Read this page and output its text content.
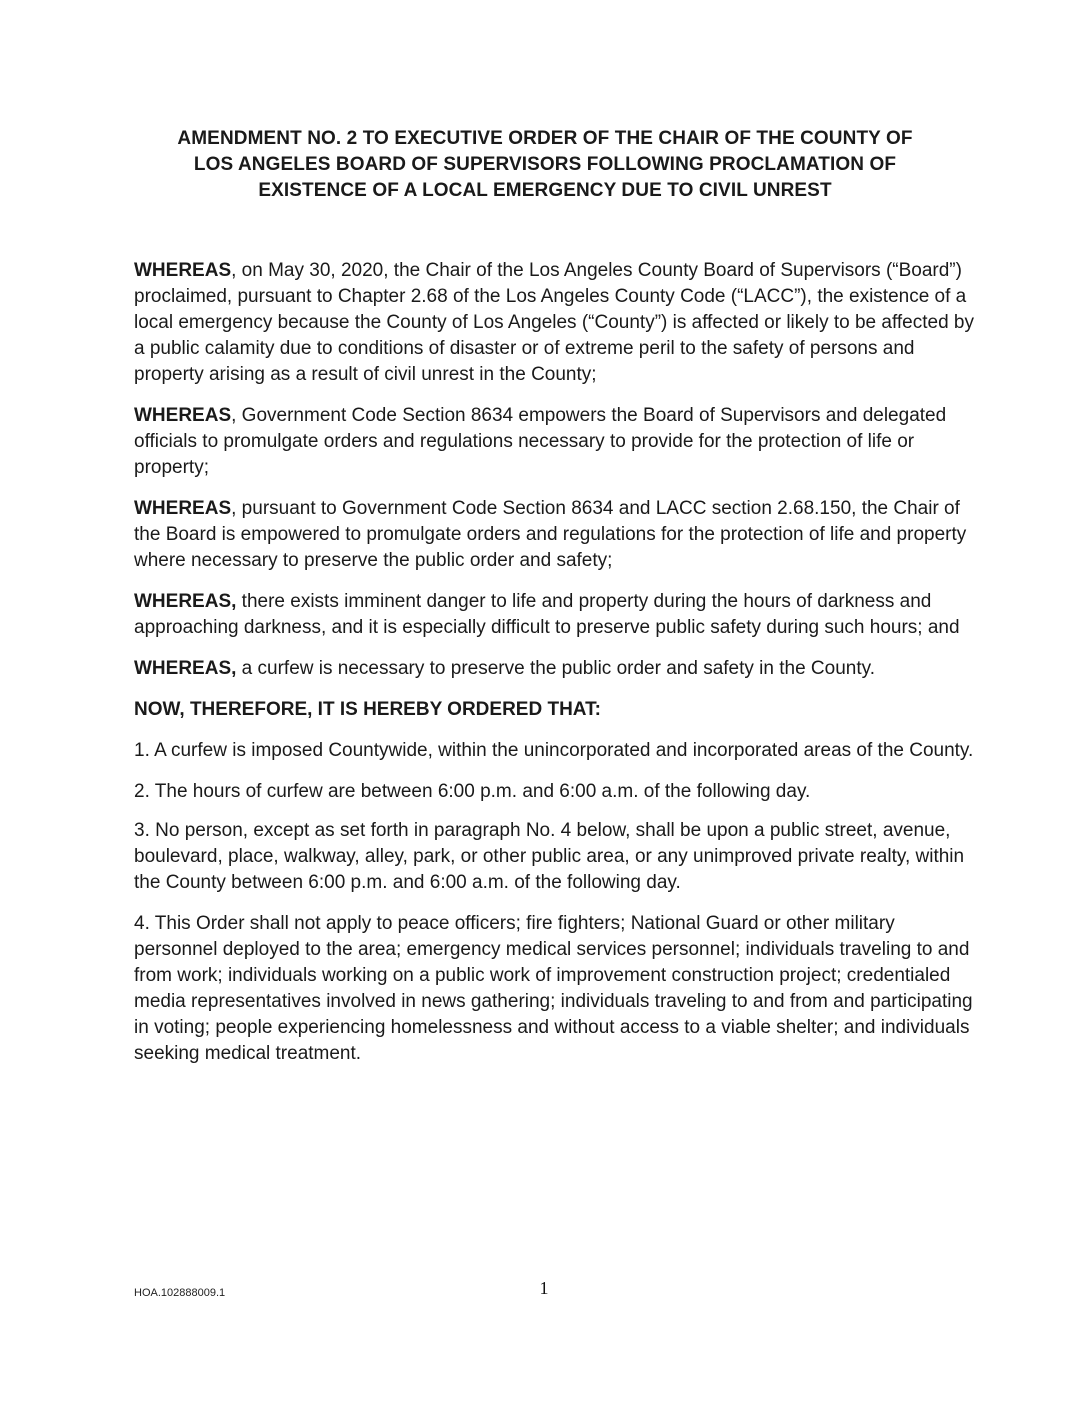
AMENDMENT NO. 2 TO EXECUTIVE ORDER OF THE CHAIR OF THE COUNTY OF
LOS ANGELES BOARD OF SUPERVISORS FOLLOWING PROCLAMATION OF
EXISTENCE OF A LOCAL EMERGENCY DUE TO CIVIL UNREST

WHEREAS, on May 30, 2020, the Chair of the Los Angeles County Board of Supervisors (“Board”) proclaimed, pursuant to Chapter 2.68 of the Los Angeles County Code (“LACC”), the existence of a local emergency because the County of Los Angeles (“County”) is affected or likely to be affected by a public calamity due to conditions of disaster or of extreme peril to the safety of persons and property arising as a result of civil unrest in the County;

WHEREAS, Government Code Section 8634 empowers the Board of Supervisors and delegated officials to promulgate orders and regulations necessary to provide for the protection of life or property;

WHEREAS, pursuant to Government Code Section 8634 and LACC section 2.68.150, the Chair of the Board is empowered to promulgate orders and regulations for the protection of life and property where necessary to preserve the public order and safety;

WHEREAS, there exists imminent danger to life and property during the hours of darkness and approaching darkness, and it is especially difficult to preserve public safety during such hours; and

WHEREAS, a curfew is necessary to preserve the public order and safety in the County.

NOW, THEREFORE, IT IS HEREBY ORDERED THAT:

1. A curfew is imposed Countywide, within the unincorporated and incorporated areas of the County.

2. The hours of curfew are between 6:00 p.m. and 6:00 a.m. of the following day.

3. No person, except as set forth in paragraph No. 4 below, shall be upon a public street, avenue, boulevard, place, walkway, alley, park, or other public area, or any unimproved private realty, within the County between 6:00 p.m. and 6:00 a.m. of the following day.

4. This Order shall not apply to peace officers; fire fighters; National Guard or other military personnel deployed to the area; emergency medical services personnel; individuals traveling to and from work; individuals working on a public work of improvement construction project; credentialed media representatives involved in news gathering; individuals traveling to and from and participating in voting; people experiencing homelessness and without access to a viable shelter; and individuals seeking medical treatment.

HOA.102888009.1	1
